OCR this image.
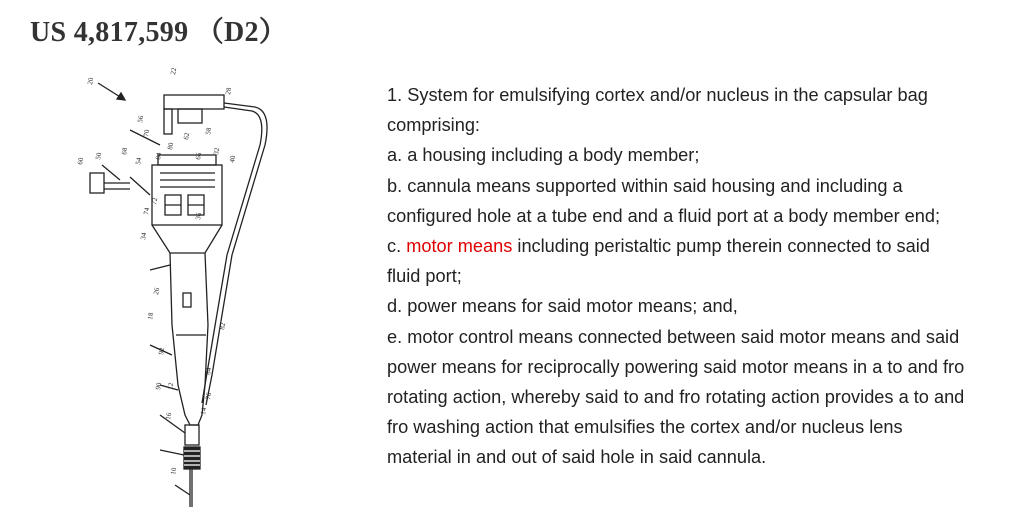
US 4,817,599 （D2）
20
22
28
56
70
68
60
50
80
62
58
64
54
66
32
40
72
36
34
74
26
18
82
92
84
90
76
16
12
14
10
1. System for emulsifying cortex and/or nucleus in the capsular bag
comprising:
a. a housing including a body member;
b. cannula means supported within said housing and including a
configured hole at a tube end and a fluid port at a body member end;
c. motor means including peristaltic pump therein connected to said
fluid port;
d. power means for said motor means; and,
e. motor control means connected between said motor means and said
power means for reciprocally powering said motor means in a to and fro
rotating action, whereby said to and fro rotating action provides a to and
fro washing action that emulsifies the cortex and/or nucleus lens
material in and out of said hole in said cannula.
